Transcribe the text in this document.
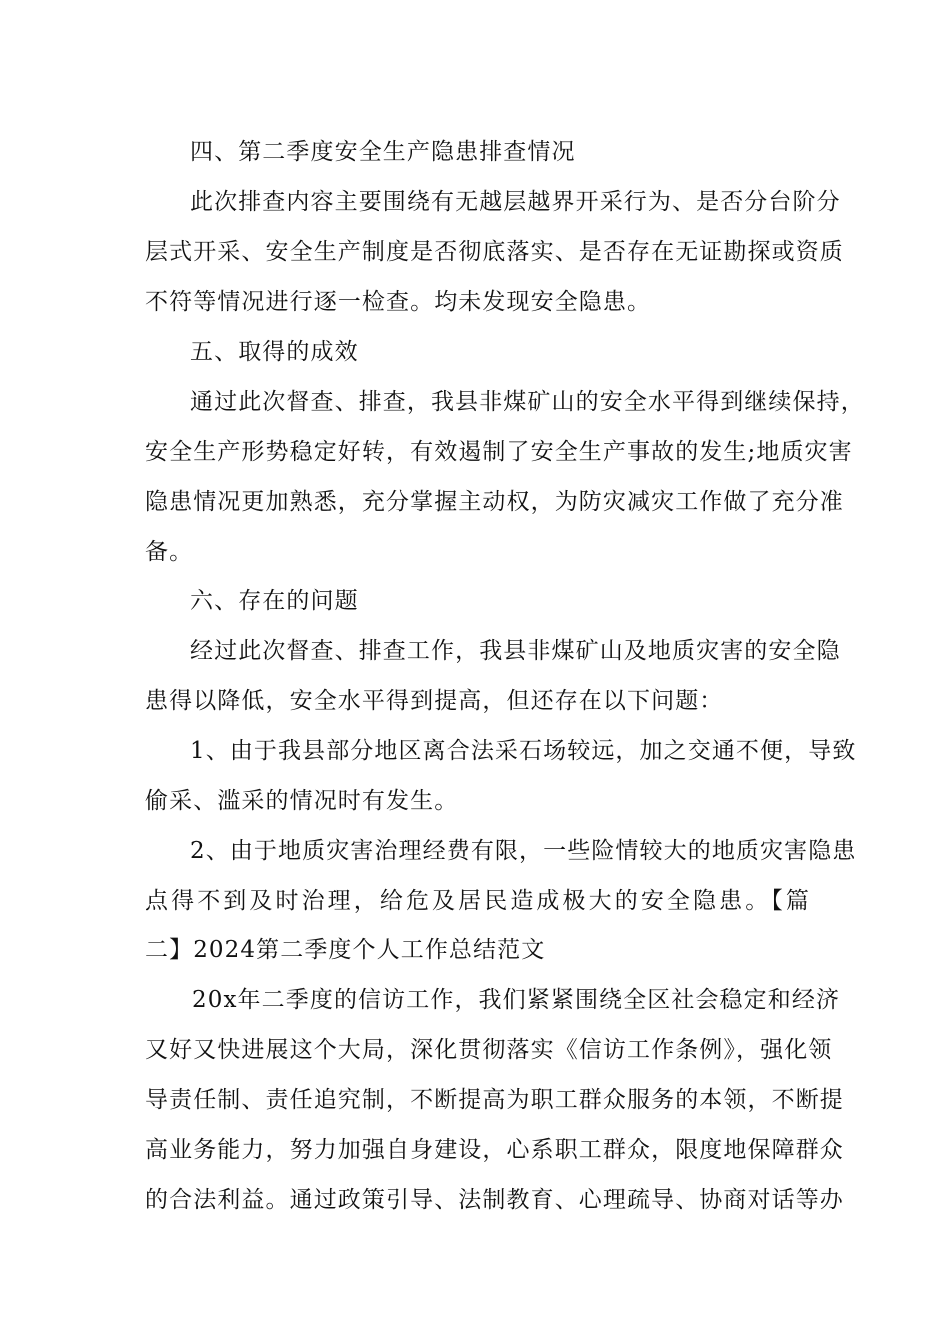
四、第二季度安全生产隐患排查情况
此次排查内容主要围绕有无越层越界开采行为、是否分台阶分
层式开采、安全生产制度是否彻底落实、是否存在无证勘探或资质
不符等情况进行逐一检查。均未发现安全隐患。
五、取得的成效
通过此次督查、排查，我县非煤矿山的安全水平得到继续保持，
安全生产形势稳定好转，有效遏制了安全生产事故的发生;地质灾害
隐患情况更加熟悉，充分掌握主动权，为防灾减灾工作做了充分准
备。
六、存在的问题
经过此次督查、排查工作，我县非煤矿山及地质灾害的安全隐
患得以降低，安全水平得到提高，但还存在以下问题：
1、由于我县部分地区离合法采石场较远，加之交通不便，导致
偷采、滥采的情况时有发生。
2、由于地质灾害治理经费有限，一些险情较大的地质灾害隐患
点得不到及时治理，给危及居民造成极大的安全隐患。【篇
二】2024第二季度个人工作总结范文
20x年二季度的信访工作，我们紧紧围绕全区社会稳定和经济
又好又快进展这个大局，深化贯彻落实《信访工作条例》，强化领
导责任制、责任追究制，不断提高为职工群众服务的本领，不断提
高业务能力，努力加强自身建设，心系职工群众，限度地保障群众
的合法利益。通过政策引导、法制教育、心理疏导、协商对话等办
